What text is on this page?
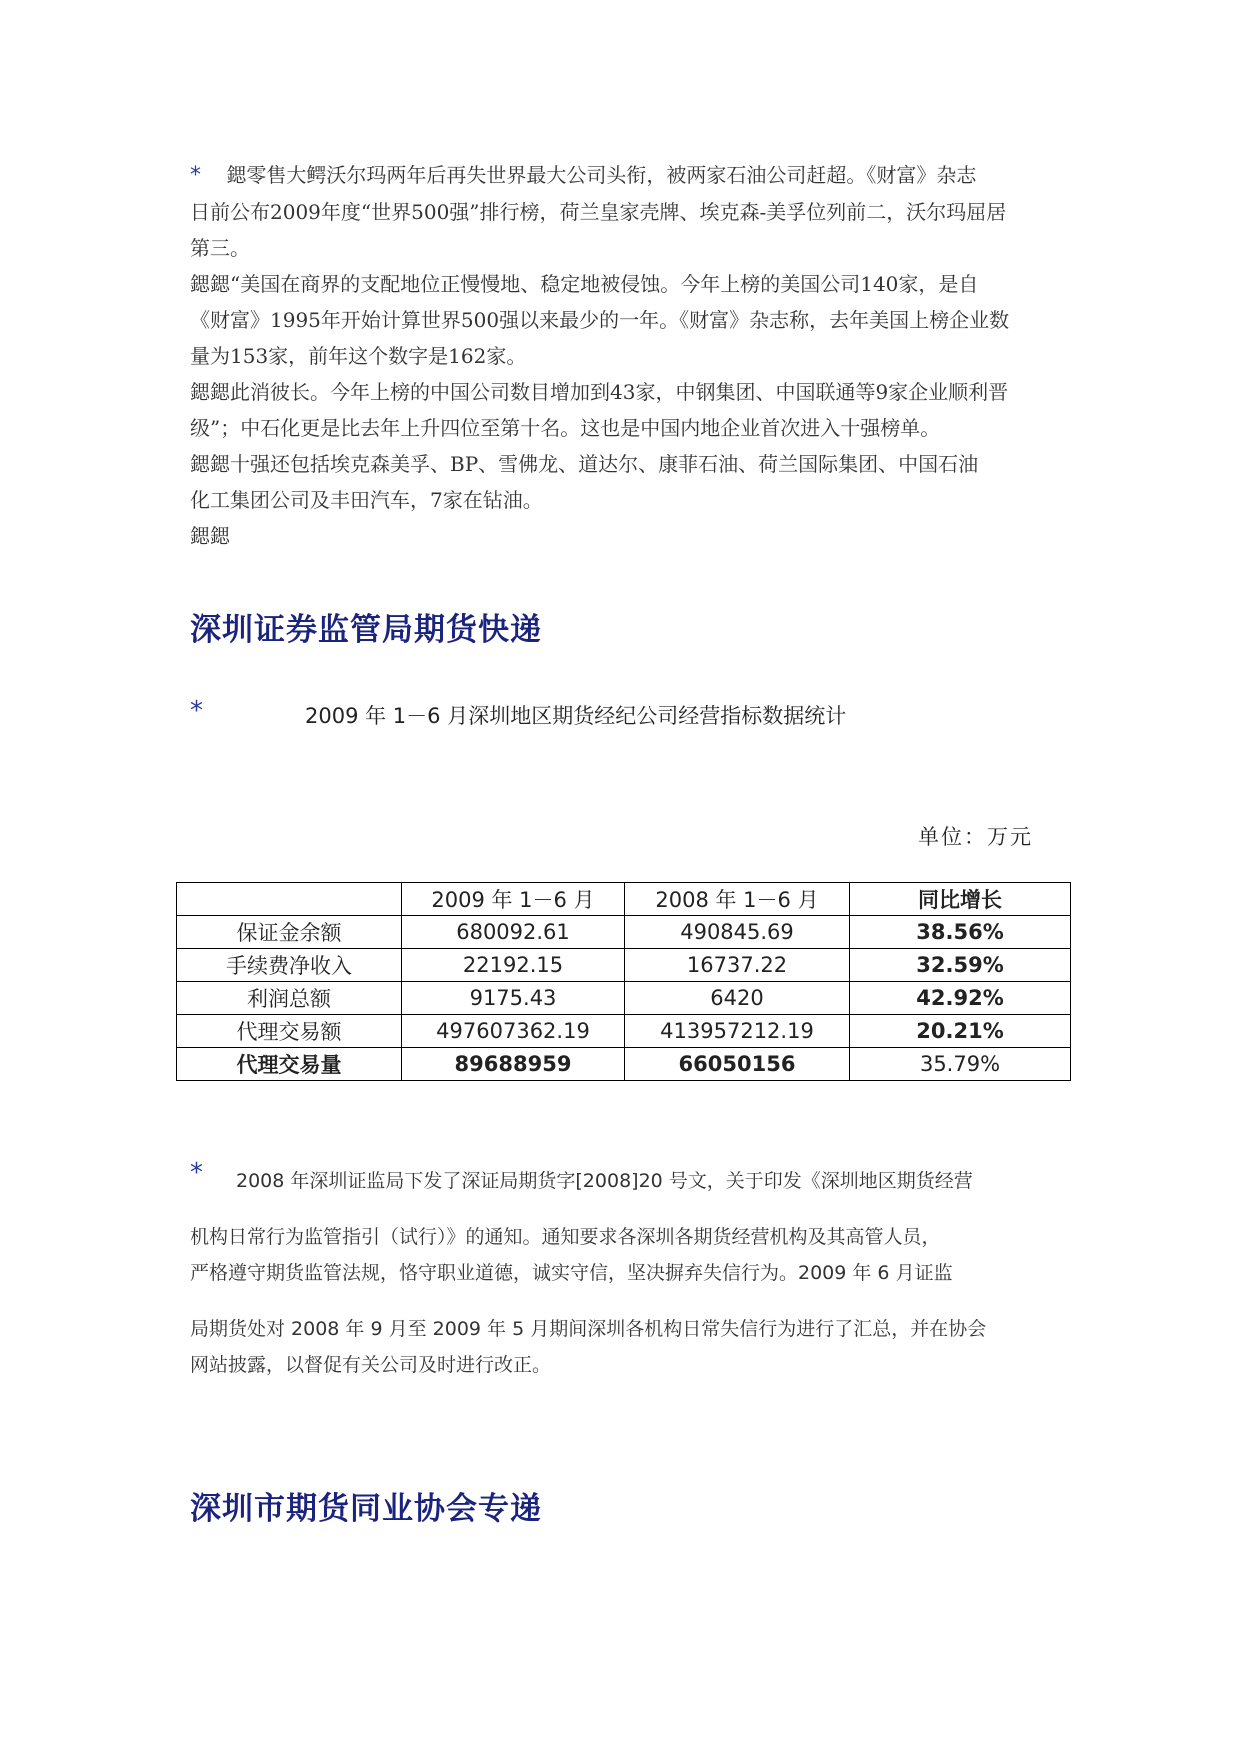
* 鍶零售大鳄沃尔玛两年后再失世界最大公司头衔，被两家石油公司赶超。《财富》杂志
日前公布2009年度“世界500强”排行榜，荷兰皇家壳牌、埃克森-美孚位列前二，沃尔玛屈居
第三。
鍶鍶“美国在商界的支配地位正慢慢地、稳定地被侵蚀。今年上榜的美国公司140家，是自
《财富》1995年开始计算世界500强以来最少的一年。《财富》杂志称，去年美国上榜企业数
量为153家，前年这个数字是162家。
鍶鍶此消彼长。今年上榜的中国公司数目增加到43家，中钢集团、中国联通等9家企业顺利晋
级”；中石化更是比去年上升四位至第十名。这也是中国内地企业首次进入十强榜单。
鍶鍶十强还包括埃克森美孚、BP、雪佛龙、道达尔、康菲石油、荷兰国际集团、中国石油
化工集团公司及丰田汽车，7家在钻油。
鍶鍶
深圳证券监管局期货快递
*	2009 年 1－6 月深圳地区期货经纪公司经营指标数据统计
单位：万元
	2009 年 1－6 月	2008 年 1－6 月	同比增长
保证金余额	680092.61	490845.69	38.56%
手续费净收入	22192.15	16737.22	32.59%
利润总额	9175.43	6420	42.92%
代理交易额	497607362.19	413957212.19	20.21%
代理交易量	89688959	66050156	35.79%
* 2008 年深圳证监局下发了深证局期货字[2008]20 号文，关于印发《深圳地区期货经营
机构日常行为监管指引（试行）》的通知。通知要求各深圳各期货经营机构及其高管人员，
严格遵守期货监管法规，恪守职业道德，诚实守信，坚决摒弃失信行为。2009 年 6 月证监
局期货处对 2008 年 9 月至 2009 年 5 月期间深圳各机构日常失信行为进行了汇总，并在协会
网站披露，以督促有关公司及时进行改正。
深圳市期货同业协会专递
